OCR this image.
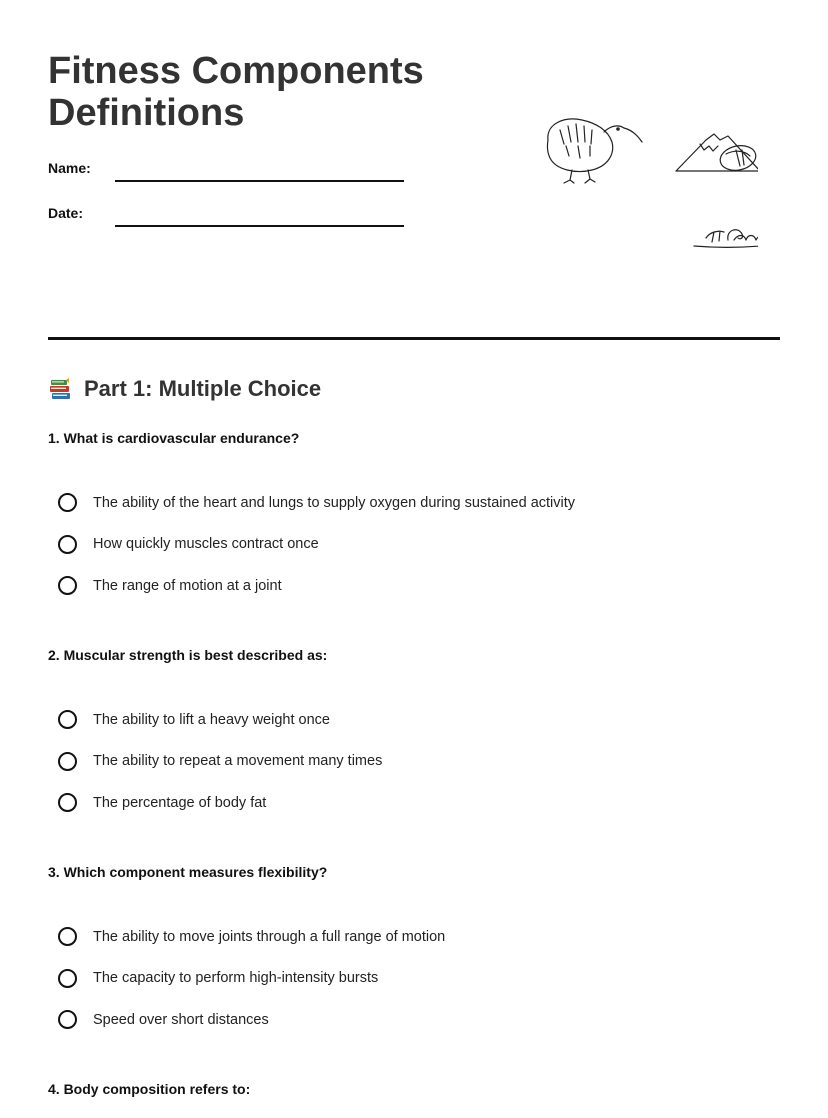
Fitness Components
Definitions
Name:
Date:
Part 1: Multiple Choice

1. What is cardiovascular endurance?

The ability of the heart and lungs to supply oxygen during sustained activity
How quickly muscles contract once
The range of motion at a joint

2. Muscular strength is best described as:

The ability to lift a heavy weight once
The ability to repeat a movement many times
The percentage of body fat

3. Which component measures flexibility?

The ability to move joints through a full range of motion
The capacity to perform high-intensity bursts
Speed over short distances

4. Body composition refers to:
